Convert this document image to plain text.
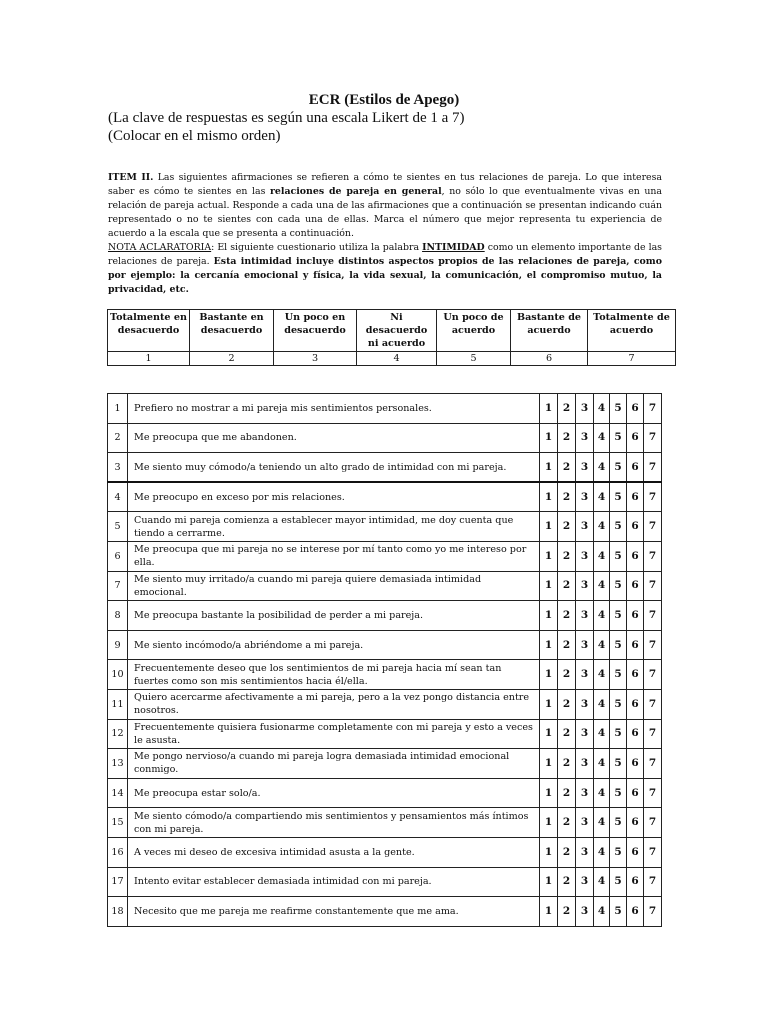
ECR (Estilos de Apego)
(La clave de respuestas es según una escala Likert de 1 a 7)
(Colocar en el mismo orden)

ITEM II. Las siguientes afirmaciones se refieren a cómo te sientes en tus relaciones de pareja. Lo que interesa saber es cómo te sientes en las relaciones de pareja en general, no sólo lo que eventualmente vivas en una relación de pareja actual. Responde a cada una de las afirmaciones que a continuación se presentan indicando cuán representado o no te sientes con cada una de ellas. Marca el número que mejor representa tu experiencia de acuerdo a la escala que se presenta a continuación.

NOTA ACLARATORIA: El siguiente cuestionario utiliza la palabra INTIMIDAD como un elemento importante de las relaciones de pareja. Esta intimidad incluye distintos aspectos propios de las relaciones de pareja, como por ejemplo: la cercanía emocional y física, la vida sexual, la comunicación, el compromiso mutuo, la privacidad, etc.

Totalmente en desacuerdo	Bastante en desacuerdo	Un poco en desacuerdo	Ni desacuerdo ni acuerdo	Un poco de acuerdo	Bastante de acuerdo	Totalmente de acuerdo
1	2	3	4	5	6	7
1	Prefiero no mostrar a mi pareja mis sentimientos personales.	1	2	3	4	5	6	7
2	Me preocupa que me abandonen.	1	2	3	4	5	6	7
3	Me siento muy cómodo/a teniendo un alto grado de intimidad con mi pareja.	1	2	3	4	5	6	7
4	Me preocupo en exceso por mis relaciones.	1	2	3	4	5	6	7
5	Cuando mi pareja comienza a establecer mayor intimidad, me doy cuenta que tiendo a cerrarme.	1	2	3	4	5	6	7
6	Me preocupa que mi pareja no se interese por mí tanto como yo me intereso por ella.	1	2	3	4	5	6	7
7	Me siento muy irritado/a cuando mi pareja quiere demasiada intimidad emocional.	1	2	3	4	5	6	7
8	Me preocupa bastante la posibilidad de perder a mi pareja.	1	2	3	4	5	6	7
9	Me siento incómodo/a abriéndome a mi pareja.	1	2	3	4	5	6	7
10	Frecuentemente deseo que los sentimientos de mi pareja hacia mí sean tan fuertes como son mis sentimientos hacia él/ella.	1	2	3	4	5	6	7
11	Quiero acercarme afectivamente a mi pareja, pero a la vez pongo distancia entre nosotros.	1	2	3	4	5	6	7
12	Frecuentemente quisiera fusionarme completamente con mi pareja y esto a veces le asusta.	1	2	3	4	5	6	7
13	Me pongo nervioso/a cuando mi pareja logra demasiada intimidad emocional conmigo.	1	2	3	4	5	6	7
14	Me preocupa estar solo/a.	1	2	3	4	5	6	7
15	Me siento cómodo/a compartiendo mis sentimientos y pensamientos más íntimos con mi pareja.	1	2	3	4	5	6	7
16	A veces mi deseo de excesiva intimidad asusta a la gente.	1	2	3	4	5	6	7
17	Intento evitar establecer demasiada intimidad con mi pareja.	1	2	3	4	5	6	7
18	Necesito que me pareja me reafirme constantemente que me ama.	1	2	3	4	5	6	7
